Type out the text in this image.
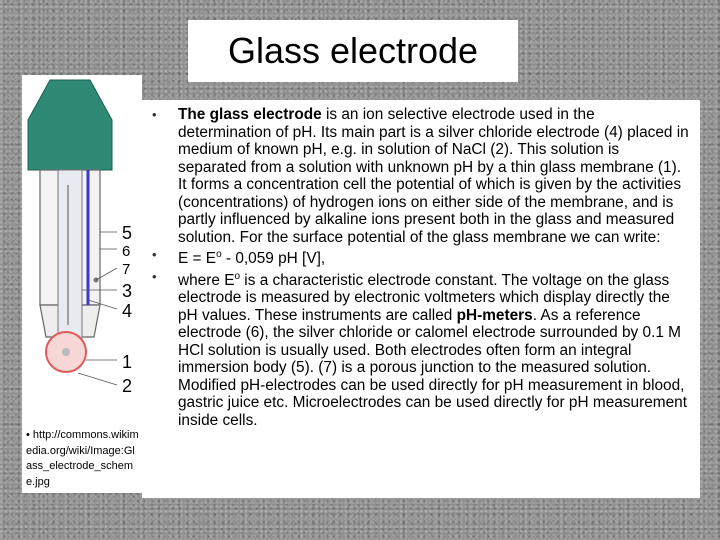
Glass electrode
5
6
7
3
4
1
2
• http://commons.wikimedia.org/wiki/Image:Glass_electrode_scheme.jpg
• The glass electrode is an ion selective electrode used in the determination of pH. Its main part is a silver chloride electrode (4) placed in medium of known pH, e.g. in solution of NaCl (2). This solution is separated from a solution with unknown pH by a thin glass membrane (1). It forms a concentration cell the potential of which is given by the activities (concentrations) of hydrogen ions on either side of the membrane, and is partly influenced by alkaline ions present both in the glass and measured solution. For the surface potential of the glass membrane we can write:
• $E = E^o - 0,059$ pH [V],
• where $E^o$ is a characteristic electrode constant. The voltage on the glass electrode is measured by electronic voltmeters which display directly the pH values. These instruments are called pH-meters. As a reference electrode (6), the silver chloride or calomel electrode surrounded by 0.1 M HCl solution is usually used. Both electrodes often form an integral immersion body (5). (7) is a porous junction to the measured solution. Modified pH-electrodes can be used directly for pH measurement in blood, gastric juice etc. Microelectrodes can be used directly for pH measurement inside cells.
